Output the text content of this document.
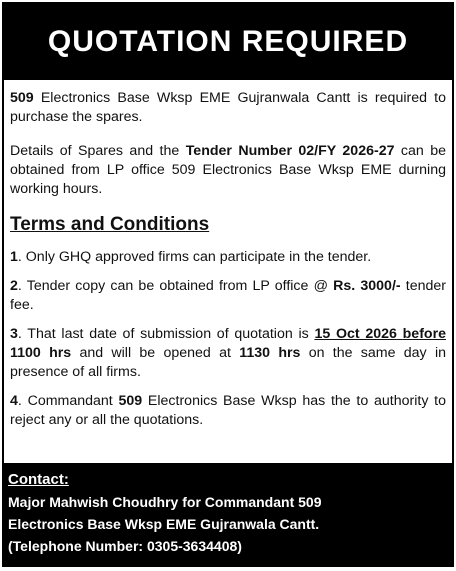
QUOTATION REQUIRED

509 Electronics Base Wksp EME Gujranwala Cantt is required to purchase the spares.

Details of Spares and the Tender Number 02/FY 2026-27 can be obtained from LP office 509 Electronics Base Wksp EME durning working hours.

Terms and Conditions

1. Only GHQ approved firms can participate in the tender.

2. Tender copy can be obtained from LP office @ Rs. 3000/- tender fee.

3. That last date of submission of quotation is 15 Oct 2026 before 1100 hrs and will be opened at 1130 hrs on the same day in presence of all firms.

4. Commandant 509 Electronics Base Wksp has the to authority to reject any or all the quotations.

Contact:
Major Mahwish Choudhry for Commandant 509
Electronics Base Wksp EME Gujranwala Cantt.
(Telephone Number: 0305-3634408)
